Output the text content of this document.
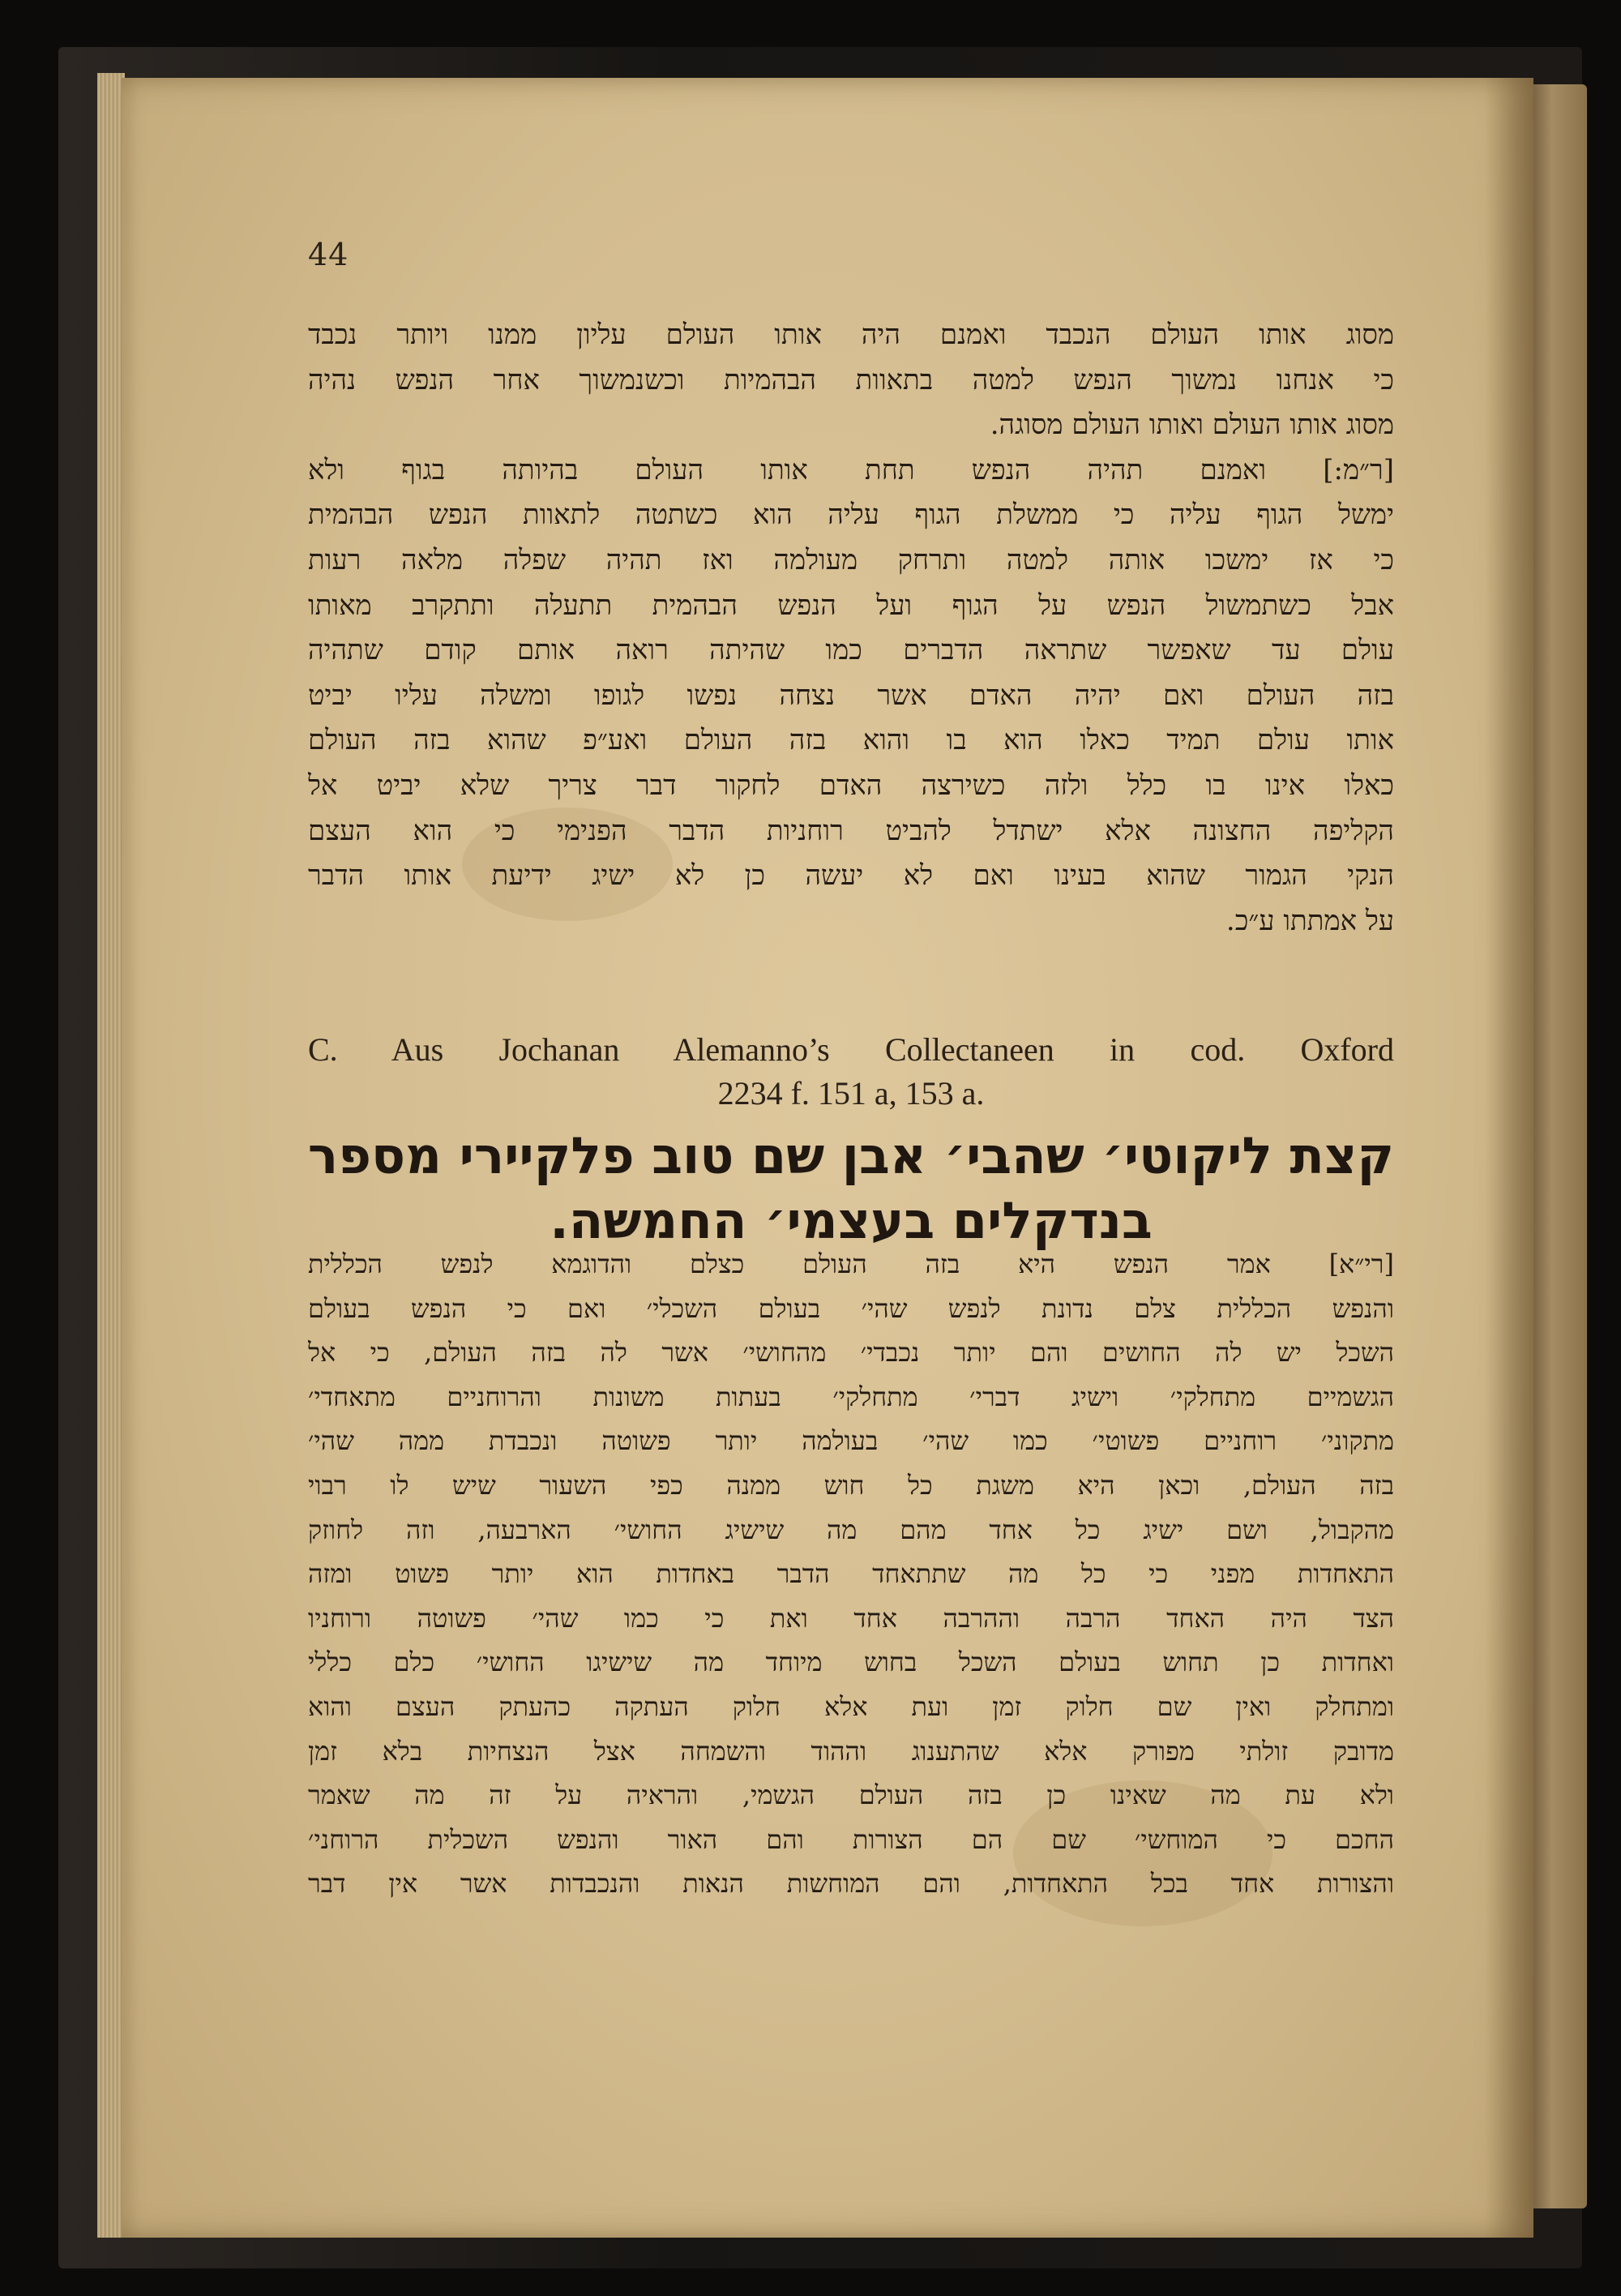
44
מסוג אותו העולם הנכבד ואמנם היה אותו העולם עליון ממנו ויותר נכבד
כי אנחנו נמשוך הנפש למטה בתאוות הבהמיות וכשנמשוך אחר הנפש נהיה
מסוג אותו העולם ואותו העולם מסוגה.
[ר״מ:] ואמנם תהיה הנפש תחת אותו העולם בהיותה בגוף ולא
ימשל הגוף עליה כי ממשלת הגוף עליה הוא כשתטה לתאוות הנפש הבהמית
כי אז ימשכו אותה למטה ותרחק מעולמה ואז תהיה שפלה מלאה רעות
אבל כשתמשול הנפש על הגוף ועל הנפש הבהמית תתעלה ותתקרב מאותו
עולם עד שאפשר שתראה הדברים כמו שהיתה רואה אותם קודם שתהיה
בזה העולם ואם יהיה האדם אשר נצחה נפשו לגופו ומשלה עליו יביט
אותו עולם תמיד כאלו הוא בו והוא בזה העולם ואע״פ שהוא בזה העולם
כאלו אינו בו כלל ולזה כשירצה האדם לחקור דבר צריך שלא יביט אל
הקליפה החצונה אלא ישתדל להביט רוחניות הדבר הפנימי כי הוא העצם
הנקי הגמור שהוא בעינו ואם לא יעשה כן לא ישיג ידיעת אותו הדבר
על אמתתו ע״כ.
C. Aus Jochanan Alemanno’s Collectaneen in cod. Oxford
2234 f. 151 a, 153 a.
קצת ליקוטי׳ שהבי׳ אבן שם טוב פלקיירי מספר
בנדקלים בעצמי׳ החמשה.
[רי״א] אמר הנפש היא בזה העולם כצלם והדוגמא לנפש הכללית
והנפש הכללית צלם נדונת לנפש שהי׳ בעולם השכלי׳ ואם כי הנפש בעולם
השכל יש לה החושים והם יותר נכבדי׳ מהחושי׳ אשר לה בזה העולם, כי אל
הגשמיים מתחלקי׳ וישיג דברי׳ מתחלקי׳ בעתות משונות והרוחניים מתאחדי׳
מתקוני׳ רוחניים פשוטי׳ כמו שהי׳ בעולמה יותר פשוטה ונכבדת ממה שהי׳
בזה העולם, וכאן היא משגת כל חוש ממנה כפי השעור שיש לו רבוי
מהקבול, ושם ישיג כל אחד מהם מה שישיג החושי׳ הארבעה, וזה לחוזק
התאחדות מפני כי כל מה שתתאחד הדבר באחדות הוא יותר פשוט ומזה
הצד היה האחד הרבה וההרבה אחד ואת כי כמו שהי׳ פשוטה ורוחניו
ואחדות כן תחוש בעולם השכל בחוש מיוחד מה שישיגו החושי׳ כלם כללי
ומתחלק ואין שם חלוק זמן ועת אלא חלוק העתקה כהעתק העצם והוא
מדובק זולתי מפורק אלא שהתענוג וההוד והשמחה אצל הנצחיות בלא זמן
ולא עת מה שאינו כן בזה העולם הגשמי, והראיה על זה מה שאמר
החכם כי המוחשי׳ שם הם הצורות והם האור והנפש השכלית הרוחני׳
והצורות אחד בכל התאחדות, והם המוחשות הנאות והנכבדות אשר אין דבר
